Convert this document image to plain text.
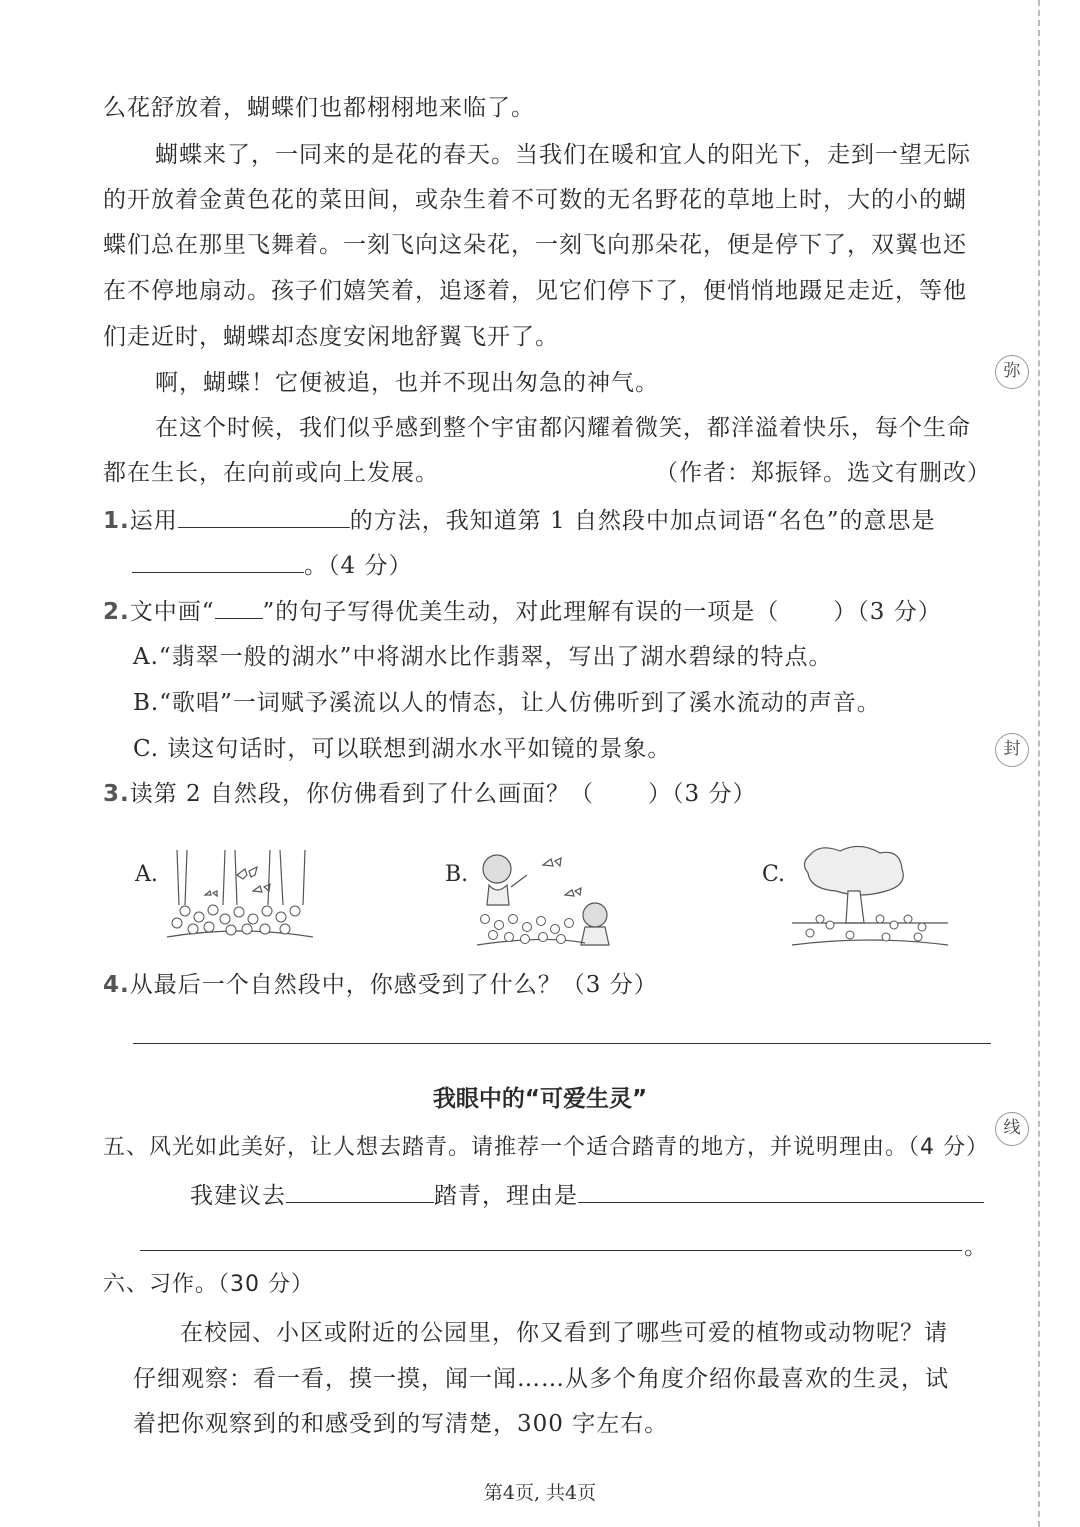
弥
封
线
么花舒放着，蝴蝶们也都栩栩地来临了。
蝴蝶来了，一同来的是花的春天。当我们在暖和宜人的阳光下，走到一望无际
的开放着金黄色花的菜田间，或杂生着不可数的无名野花的草地上时，大的小的蝴
蝶们总在那里飞舞着。一刻飞向这朵花，一刻飞向那朵花，便是停下了，双翼也还
在不停地扇动。孩子们嬉笑着，追逐着，见它们停下了，便悄悄地蹑足走近，等他
们走近时，蝴蝶却态度安闲地舒翼飞开了。
啊，蝴蝶！它便被追，也并不现出匆急的神气。
在这个时候，我们似乎感到整个宇宙都闪耀着微笑，都洋溢着快乐，每个生命
都在生长，在向前或向上发展。	（作者：郑振铎。选文有删改）
1.运用	的方法，我知道第 1 自然段中加点词语“名色”的意思是
。（4 分）
2.文中画“ ”的句子写得优美生动，对此理解有误的一项是（ ）（3 分）
A.“翡翠一般的湖水”中将湖水比作翡翠，写出了湖水碧绿的特点。
B.“歌唱”一词赋予溪流以人的情态，让人仿佛听到了溪水流动的声音。
C. 读这句话时，可以联想到湖水水平如镜的景象。
3.读第 2 自然段，你仿佛看到了什么画面？（ ）（3 分）
A.	B.	C.
4.从最后一个自然段中，你感受到了什么？（3 分）
我眼中的“可爱生灵”
五、风光如此美好，让人想去踏青。请推荐一个适合踏青的地方，并说明理由。（4 分）
我建议去	踏青，理由是
。
六、习作。（30 分）
在校园、小区或附近的公园里，你又看到了哪些可爱的植物或动物呢？请
仔细观察：看一看，摸一摸，闻一闻……从多个角度介绍你最喜欢的生灵，试
着把你观察到的和感受到的写清楚，300 字左右。
第4页, 共4页
